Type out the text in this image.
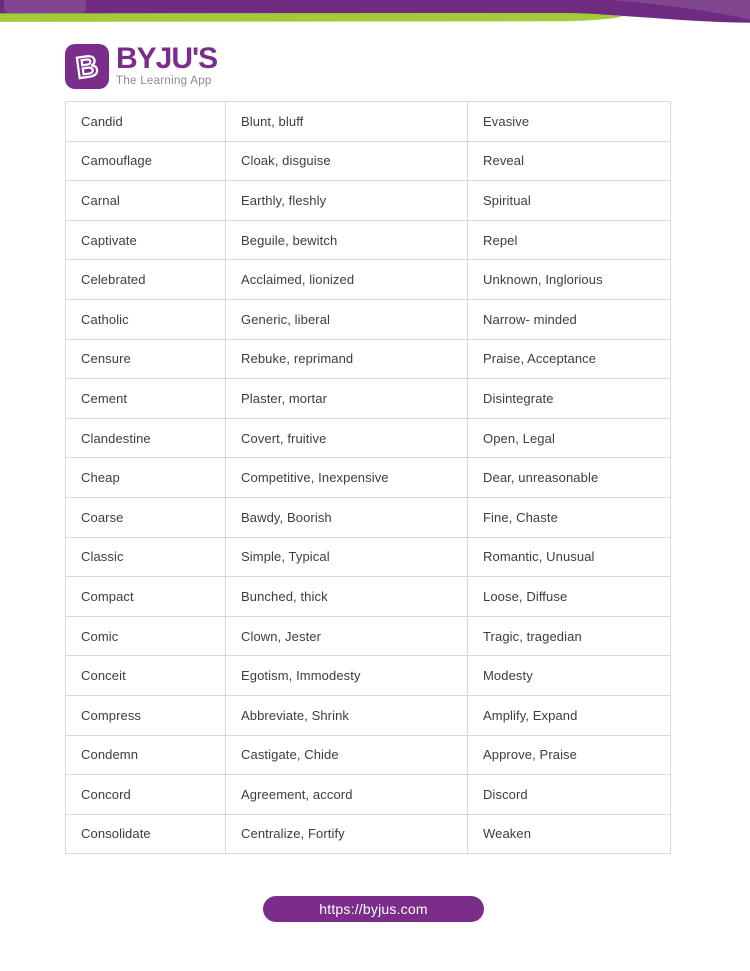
B BYJU'S
The Learning App
Candid	Blunt, bluff	Evasive
Camouflage	Cloak, disguise	Reveal
Carnal	Earthly, fleshly	Spiritual
Captivate	Beguile, bewitch	Repel
Celebrated	Acclaimed, lionized	Unknown, Inglorious
Catholic	Generic, liberal	Narrow- minded
Censure	Rebuke, reprimand	Praise, Acceptance
Cement	Plaster, mortar	Disintegrate
Clandestine	Covert, fruitive	Open, Legal
Cheap	Competitive, Inexpensive	Dear, unreasonable
Coarse	Bawdy, Boorish	Fine, Chaste
Classic	Simple, Typical	Romantic, Unusual
Compact	Bunched, thick	Loose, Diffuse
Comic	Clown, Jester	Tragic, tragedian
Conceit	Egotism, Immodesty	Modesty
Compress	Abbreviate, Shrink	Amplify, Expand
Condemn	Castigate, Chide	Approve, Praise
Concord	Agreement, accord	Discord
Consolidate	Centralize, Fortify	Weaken
https://byjus.com
